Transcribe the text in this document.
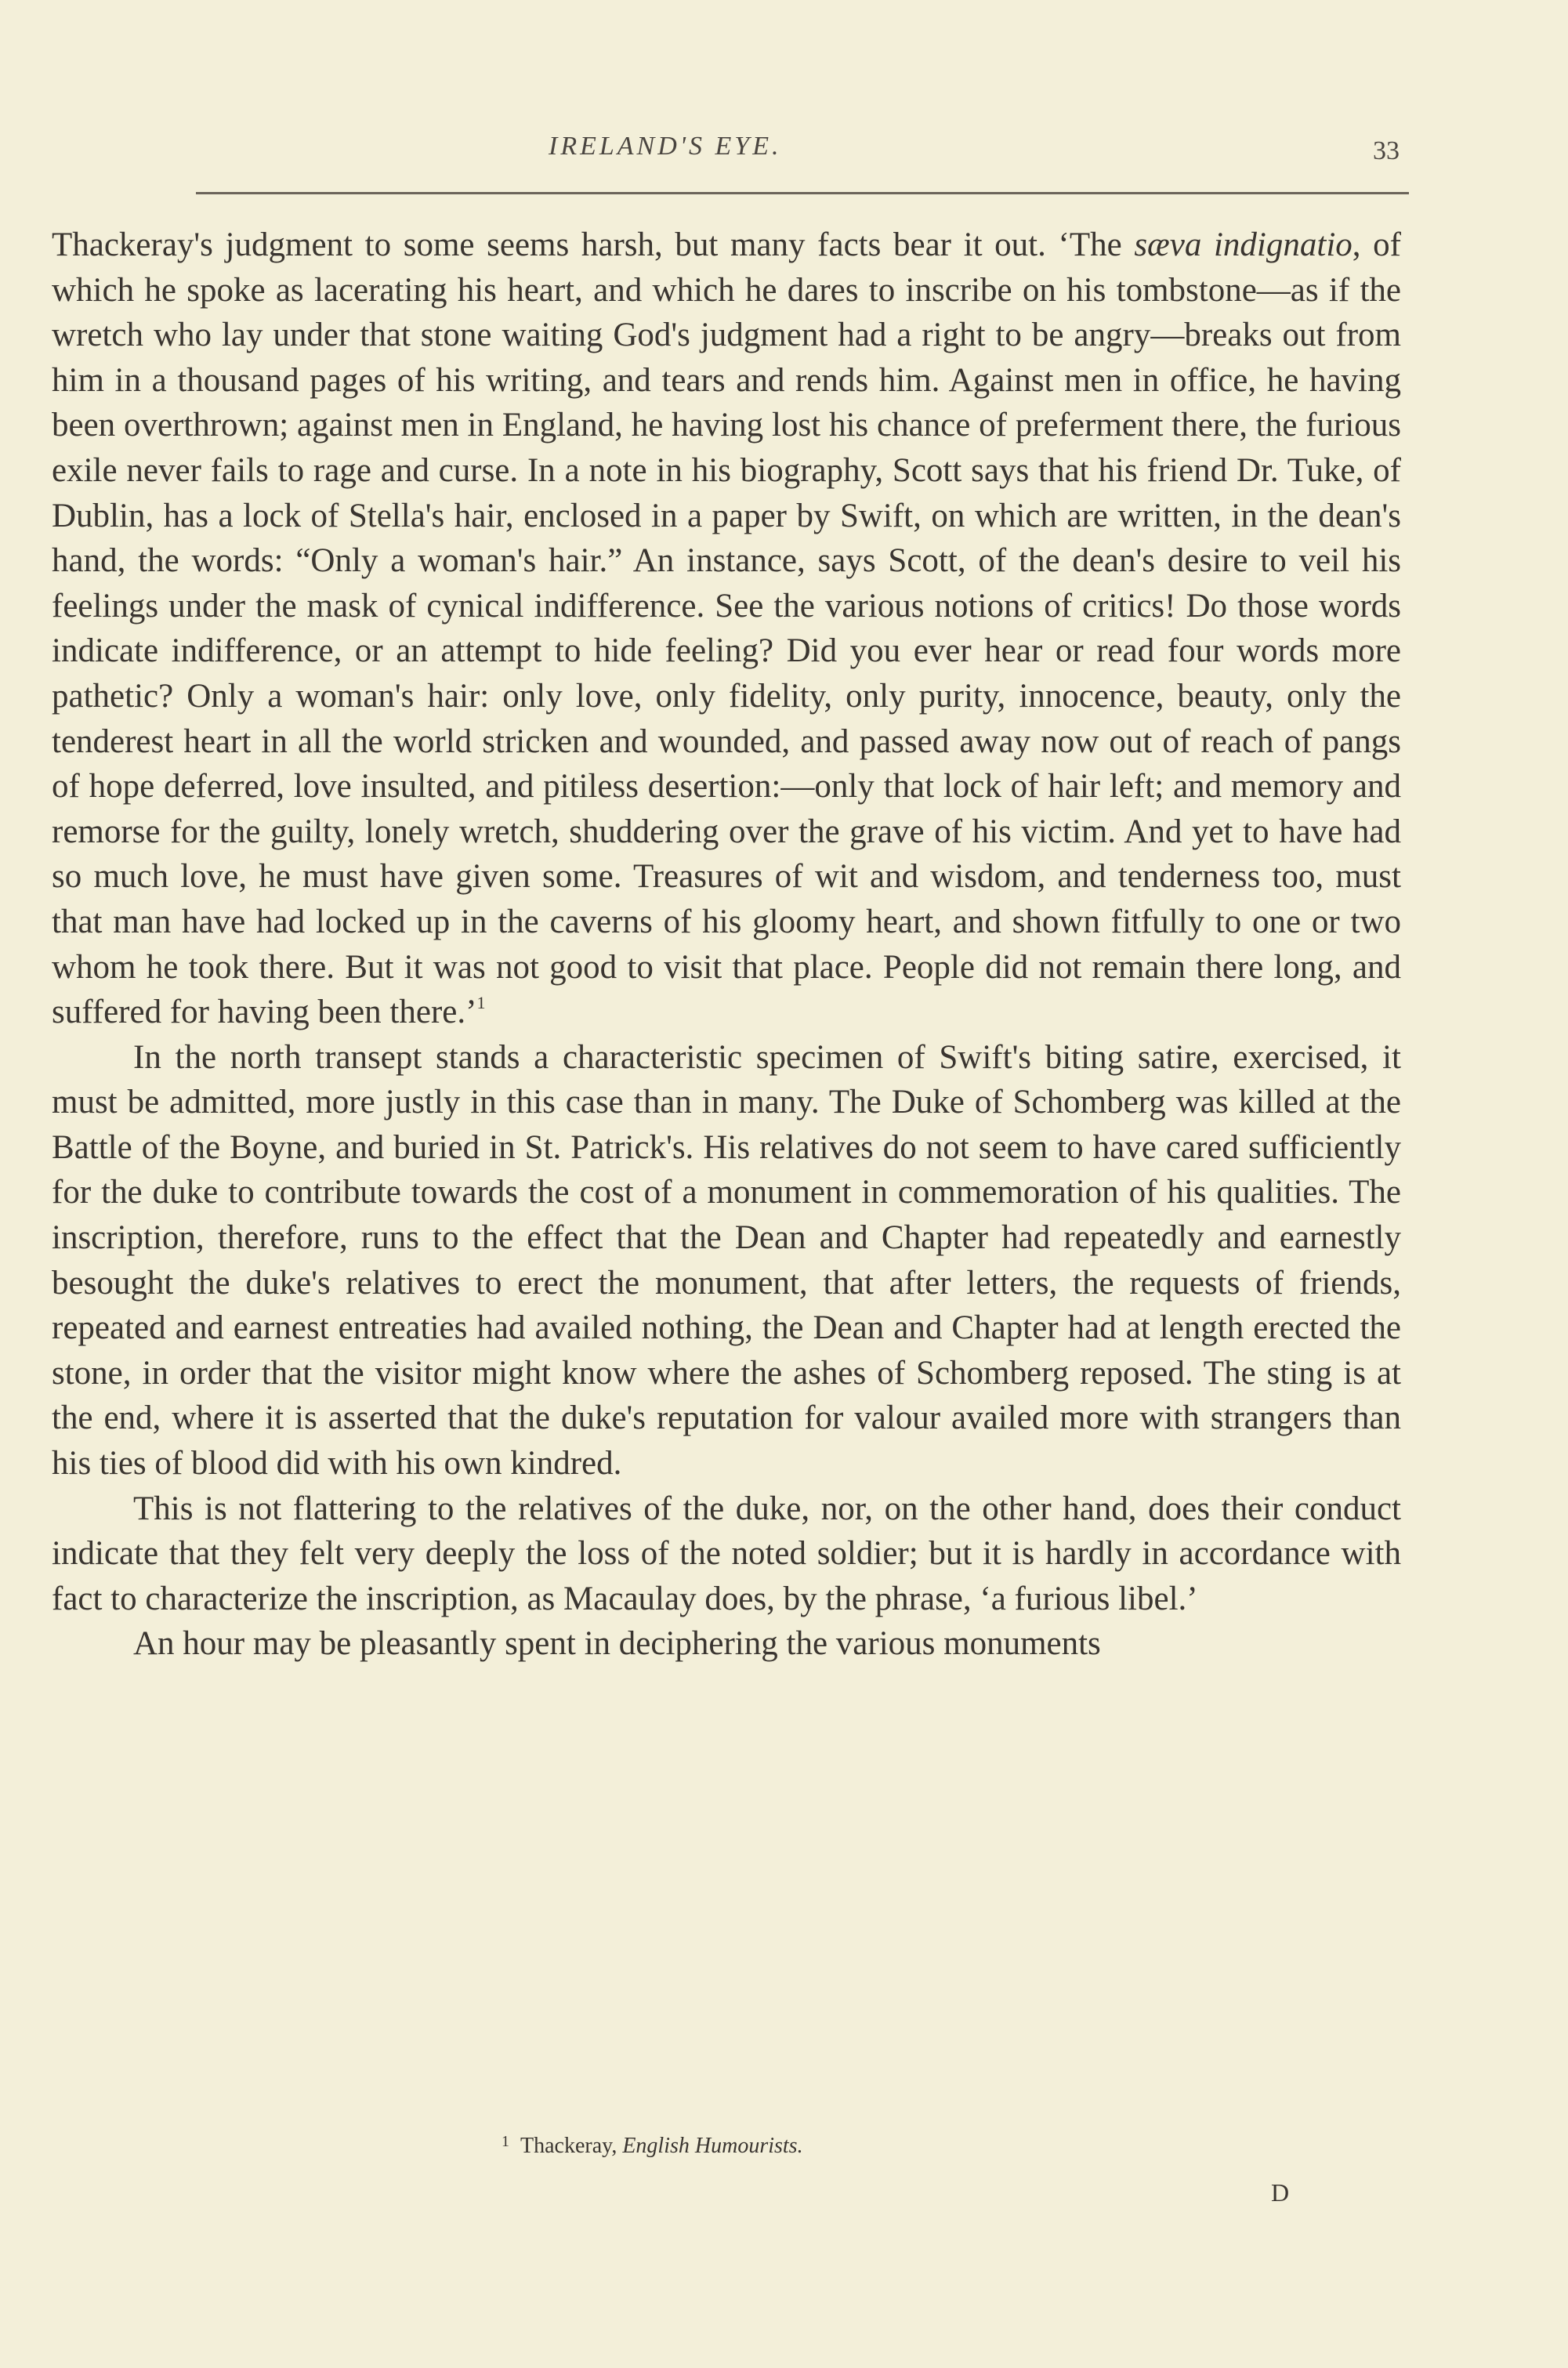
IRELAND'S EYE.	33

Thackeray's judgment to some seems harsh, but many facts bear it out. ‘The sæva indignatio, of which he spoke as lacerating his heart, and which he dares to inscribe on his tombstone—as if the wretch who lay under that stone waiting God's judgment had a right to be angry—breaks out from him in a thousand pages of his writing, and tears and rends him. Against men in office, he having been overthrown; against men in England, he having lost his chance of preferment there, the furious exile never fails to rage and curse. In a note in his biography, Scott says that his friend Dr. Tuke, of Dublin, has a lock of Stella's hair, enclosed in a paper by Swift, on which are written, in the dean's hand, the words: “Only a woman's hair.” An instance, says Scott, of the dean's desire to veil his feelings under the mask of cynical indifference. See the various notions of critics! Do those words indicate indifference, or an attempt to hide feeling? Did you ever hear or read four words more pathetic? Only a woman's hair: only love, only fidelity, only purity, innocence, beauty, only the tenderest heart in all the world stricken and wounded, and passed away now out of reach of pangs of hope deferred, love insulted, and pitiless desertion:—only that lock of hair left; and memory and remorse for the guilty, lonely wretch, shuddering over the grave of his victim. And yet to have had so much love, he must have given some. Treasures of wit and wisdom, and tenderness too, must that man have had locked up in the caverns of his gloomy heart, and shown fitfully to one or two whom he took there. But it was not good to visit that place. People did not remain there long, and suffered for having been there.’$^1$

In the north transept stands a characteristic specimen of Swift's biting satire, exercised, it must be admitted, more justly in this case than in many. The Duke of Schomberg was killed at the Battle of the Boyne, and buried in St. Patrick's. His relatives do not seem to have cared sufficiently for the duke to contribute towards the cost of a monument in commemoration of his qualities. The inscription, therefore, runs to the effect that the Dean and Chapter had repeatedly and earnestly besought the duke's relatives to erect the monument, that after letters, the requests of friends, repeated and earnest entreaties had availed nothing, the Dean and Chapter had at length erected the stone, in order that the visitor might know where the ashes of Schomberg reposed. The sting is at the end, where it is asserted that the duke's reputation for valour availed more with strangers than his ties of blood did with his own kindred.

This is not flattering to the relatives of the duke, nor, on the other hand, does their conduct indicate that they felt very deeply the loss of the noted soldier; but it is hardly in accordance with fact to characterize the inscription, as Macaulay does, by the phrase, ‘a furious libel.’

An hour may be pleasantly spent in deciphering the various monuments

$^1$ Thackeray, English Humourists.
D
